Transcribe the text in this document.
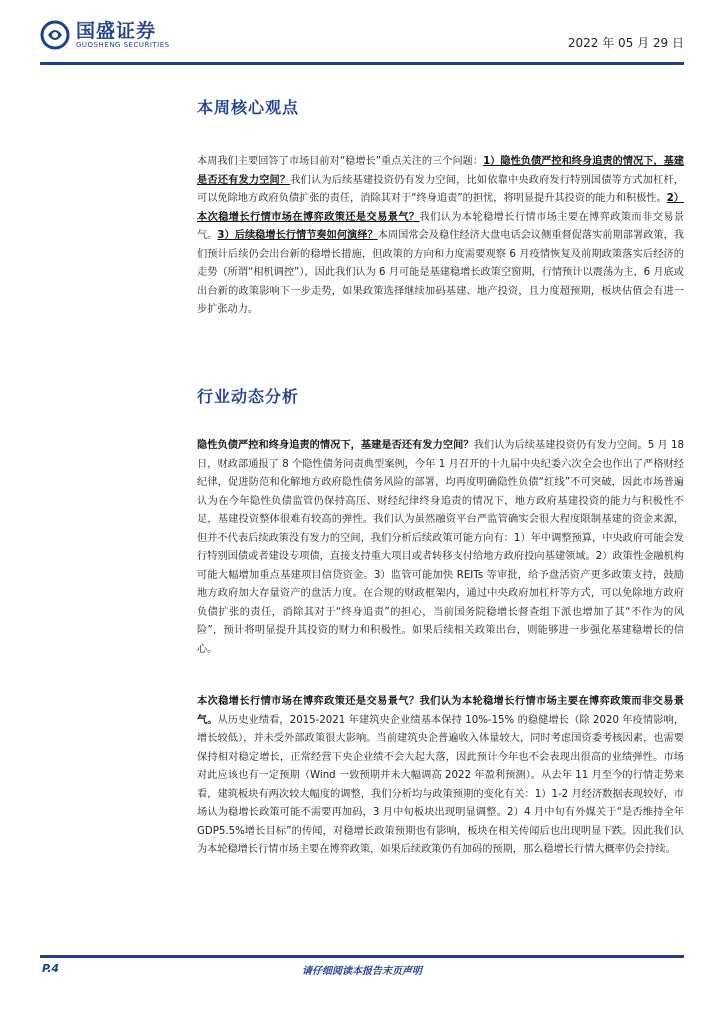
国盛证券
GUOSHENG SECURITIES	2022 年 05 月 29 日
本周核心观点

本周我们主要回答了市场目前对“稳增长”重点关注的三个问题：1）隐性负债严控和终身追责的情况下，基建是否还有发力空间？我们认为后续基建投资仍有发力空间，比如依靠中央政府发行特别国债等方式加杠杆，可以免除地方政府负债扩张的责任，消除其对于“终身追责”的担忧，将明显提升其投资的能力和积极性。2）本次稳增长行情市场在博弈政策还是交易景气？我们认为本轮稳增长行情市场主要在博弈政策而非交易景气。3）后续稳增长行情节奏如何演绎？本周国常会及稳住经济大盘电话会议侧重督促落实前期部署政策，我们预计后续仍会出台新的稳增长措施，但政策的方向和力度需要观察 6 月疫情恢复及前期政策落实后经济的走势（所谓“相机调控”），因此我们认为 6 月可能是基建稳增长政策空窗期，行情预计以震荡为主，6 月底或出台新的政策影响下一步走势，如果政策选择继续加码基建、地产投资，且力度超预期，板块估值会有进一步扩张动力。

行业动态分析

隐性负债严控和终身追责的情况下，基建是否还有发力空间？我们认为后续基建投资仍有发力空间。5 月 18 日，财政部通报了 8 个隐性债务问责典型案例，今年 1 月召开的十九届中央纪委六次全会也作出了严格财经纪律，促进防范和化解地方政府隐性债务风险的部署，均再度明确隐性负债“红线”不可突破，因此市场普遍认为在今年隐性负债监管仍保持高压、财经纪律终身追责的情况下，地方政府基建投资的能力与积极性不足，基建投资整体很难有较高的弹性。我们认为虽然融资平台严监管确实会很大程度限制基建的资金来源，但并不代表后续政策没有发力的空间，我们分析后续政策可能方向有：1）年中调整预算，中央政府可能会发行特别国债或者建设专项债，直接支持重大项目或者转移支付给地方政府投向基建领域。2）政策性金融机构可能大幅增加重点基建项目信贷资金。3）监管可能加快 REITs 等审批，给予盘活资产更多政策支持，鼓励地方政府加大存量资产的盘活力度。在合规的财政框架内，通过中央政府加杠杆等方式，可以免除地方政府负债扩张的责任，消除其对于“终身追责”的担心，当前国务院稳增长督查组下派也增加了其“不作为的风险”，预计将明显提升其投资的财力和积极性。如果后续相关政策出台，则能够进一步强化基建稳增长的信心。

本次稳增长行情市场在博弈政策还是交易景气？我们认为本轮稳增长行情市场主要在博弈政策而非交易景气。从历史业绩看，2015-2021 年建筑央企业绩基本保持 10%-15% 的稳健增长（除 2020 年疫情影响，增长较低），并未受外部政策很大影响。当前建筑央企普遍收入体量较大，同时考虑国资委考核因素，也需要保持相对稳定增长，正常经营下央企业绩不会大起大落，因此预计今年也不会表现出很高的业绩弹性。市场对此应该也有一定预期（Wind 一致预期并未大幅调高 2022 年盈利预测）。从去年 11 月至今的行情走势来看，建筑板块有两次较大幅度的调整，我们分析均与政策预期的变化有关：1）1-2 月经济数据表现较好，市场认为稳增长政策可能不需要再加码，3 月中旬板块出现明显调整。2）4 月中旬有外媒关于“是否维持全年 GDP5.5%增长目标”的传闻，对稳增长政策预期也有影响，板块在相关传闻后也出现明显下跌。因此我们认为本轮稳增长行情市场主要在博弈政策，如果后续政策仍有加码的预期，那么稳增长行情大概率仍会持续。

P.4	请仔细阅读本报告末页声明
